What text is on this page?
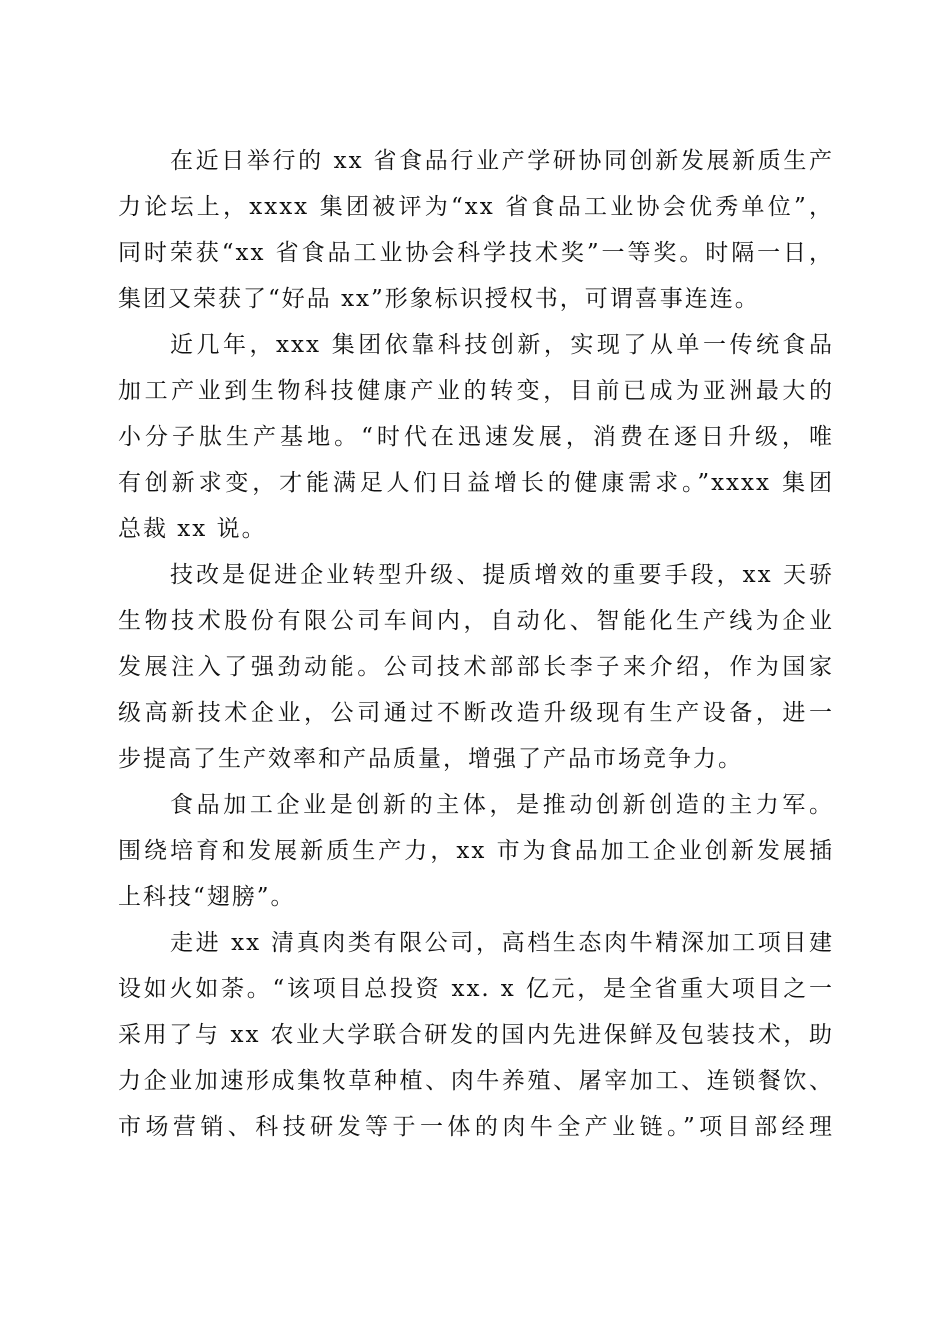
在近日举行的 xx 省食品行业产学研协同创新发展新质生产
力论坛上，xxxx 集团被评为“xx 省食品工业协会优秀单位”，
同时荣获“xx 省食品工业协会科学技术奖”一等奖。时隔一日，
集团又荣获了“好品 xx”形象标识授权书，可谓喜事连连。
近几年，xxx 集团依靠科技创新，实现了从单一传统食品
加工产业到生物科技健康产业的转变，目前已成为亚洲最大的
小分子肽生产基地。“时代在迅速发展，消费在逐日升级，唯
有创新求变，才能满足人们日益增长的健康需求。”xxxx 集团
总裁 xx 说。
技改是促进企业转型升级、提质增效的重要手段，xx 天骄
生物技术股份有限公司车间内，自动化、智能化生产线为企业
发展注入了强劲动能。公司技术部部长李子来介绍，作为国家
级高新技术企业，公司通过不断改造升级现有生产设备，进一
步提高了生产效率和产品质量，增强了产品市场竞争力。
食品加工企业是创新的主体，是推动创新创造的主力军。
围绕培育和发展新质生产力，xx 市为食品加工企业创新发展插
上科技“翅膀”。
走进 xx 清真肉类有限公司，高档生态肉牛精深加工项目建
设如火如荼。“该项目总投资 xx. x 亿元，是全省重大项目之一
采用了与 xx 农业大学联合研发的国内先进保鲜及包装技术，助
力企业加速形成集牧草种植、肉牛养殖、屠宰加工、连锁餐饮、
市场营销、科技研发等于一体的肉牛全产业链。”项目部经理
